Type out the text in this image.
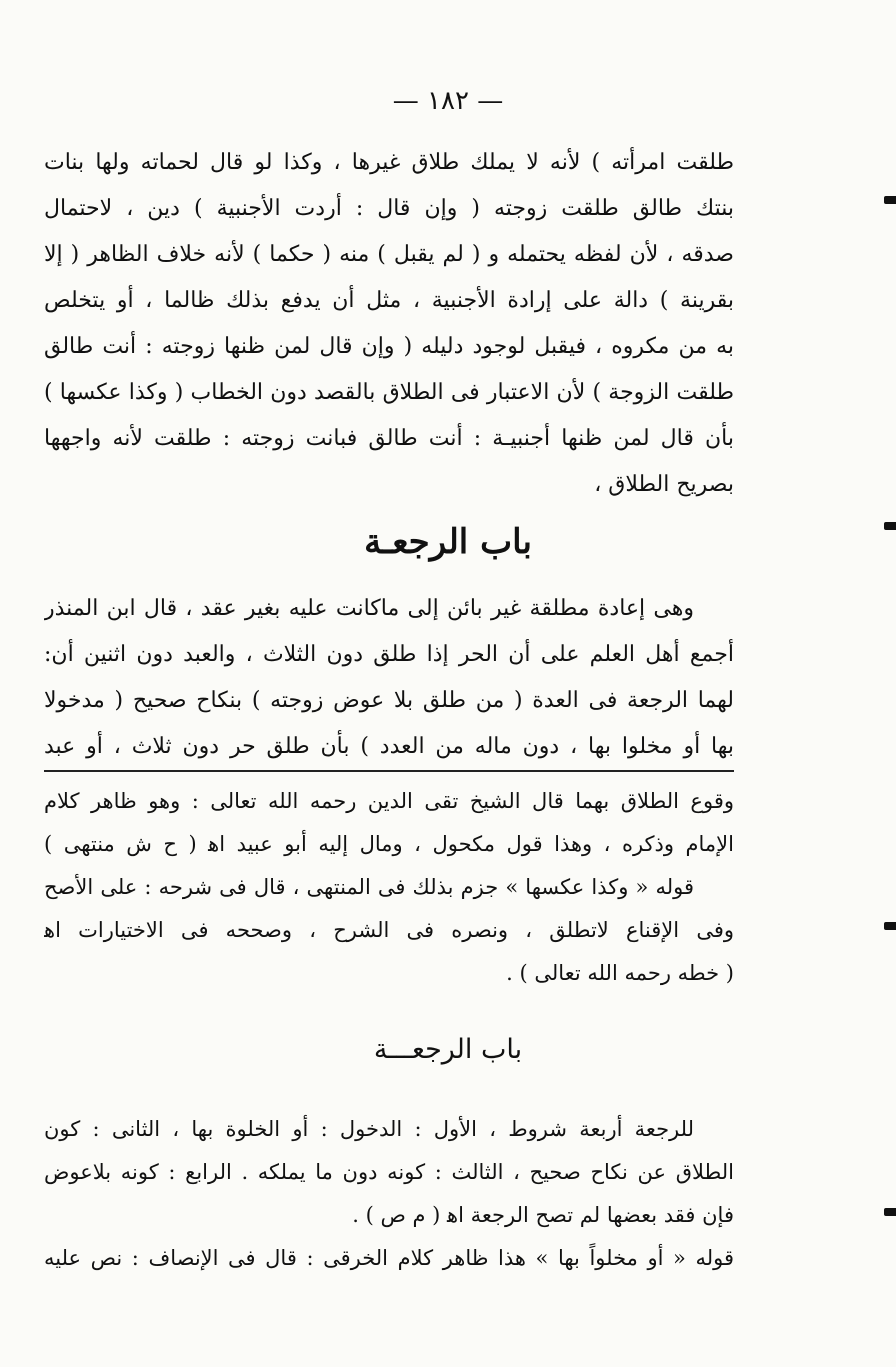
— ١٨٢ —
طلقت امرأته ) لأنه لا يملك طلاق غيرها ، وكذا لو قال لحماته ولها بنات
بنتك طالق طلقت زوجته ( وإن قال : أردت الأجنبية ) دين ، لاحتمال
صدقه ، لأن لفظه يحتمله و ( لم يقبل ) منه ( حكما ) لأنه خلاف الظاهر ( إلا
بقرينة ) دالة على إرادة الأجنبية ، مثل أن يدفع بذلك ظالما ، أو يتخلص
به من مكروه ، فيقبل لوجود دليله ( وإن قال لمن ظنها زوجته : أنت طالق
طلقت الزوجة ) لأن الاعتبار فى الطلاق بالقصد دون الخطاب ( وكذا عكسها )
بأن قال لمن ظنها أجنبيـة : أنت طالق فبانت زوجته : طلقت لأنه واجهها
بصريح الطلاق ،
باب الرجعـة
وهى إعادة مطلقة غير بائن إلى ماكانت عليه بغير عقد ، قال ابن المنذر
أجمع أهل العلم على أن الحر إذا طلق دون الثلاث ، والعبد دون اثنين أن:
لهما الرجعة فى العدة ( من طلق بلا عوض زوجته ) بنكاح صحيح ( مدخولا
بها أو مخلوا بها ، دون ماله من العدد ) بأن طلق حر دون ثلاث ، أو عبد
وقوع الطلاق بهما قال الشيخ تقى الدين رحمه الله تعالى : وهو ظاهر كلام
الإمام وذكره ، وهذا قول مكحول ، ومال إليه أبو عبيد اﻫ ( ح ش منتهى )
قوله « وكذا عكسها » جزم بذلك فى المنتهى ، قال فى شرحه : على الأصح
وفى الإقناع لاتطلق ، ونصره فى الشرح ، وصححه فى الاختيارات اﻫ
( خطه رحمه الله تعالى ) .
باب الرجعـــة
للرجعة أربعة شروط ، الأول : الدخول : أو الخلوة بها ، الثانى : كون
الطلاق عن نكاح صحيح ، الثالث : كونه دون ما يملكه . الرابع : كونه بلاعوض
فإن فقد بعضها لم تصح الرجعة اﻫ ( م ص ) .
قوله « أو مخلواً بها » هذا ظاهر كلام الخرقى : قال فى الإنصاف : نص عليه
